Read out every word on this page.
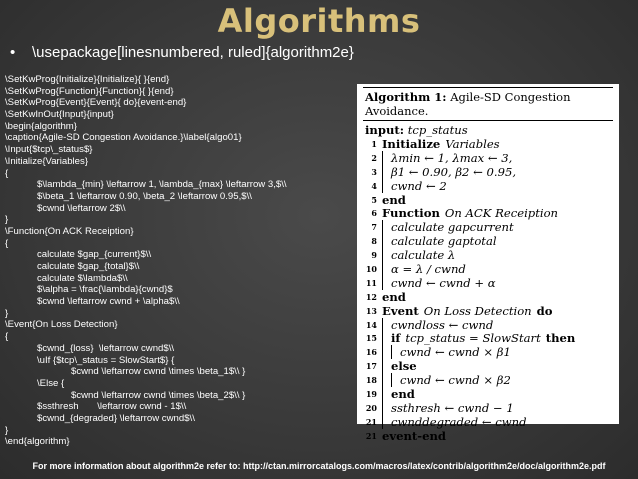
Algorithms
• \usepackage[linesnumbered, ruled]{algorithm2e}
\SetKwProg{Initialize}{Initialize}{ }{end}
\SetKwProg{Function}{Function}{ }{end}
\SetKwProg{Event}{Event}{ do}{event-end}
\SetKwInOut{Input}{input}
\begin{algorithm}
\caption{Agile-SD Congestion Avoidance.}\label{algo01}
\Input{$tcp\_status$}
\Initialize{Variables}
{
$\lambda_{min} \leftarrow 1, \lambda_{max} \leftarrow 3,$\\
$\beta_1 \leftarrow 0.90, \beta_2 \leftarrow 0.95,$\\
$cwnd \leftarrow 2$\\
}
\Function{On ACK Receiption}
{
calculate $gap_{current}$\\
calculate $gap_{total}$\\
calculate $\lambda$\\
$\alpha = \frac{\lambda}{cwnd}$
$cwnd \leftarrow cwnd + \alpha$\\
}
\Event{On Loss Detection}
{
$cwnd_{loss}  \leftarrow cwnd$\\
\uIf {$tcp\_status = SlowStart$} {
$cwnd \leftarrow cwnd \times \beta_1$\\ }
\Else {
$cwnd \leftarrow cwnd \times \beta_2$\\ }
$ssthresh       \leftarrow cwnd - 1$\\
$cwnd_{degraded} \leftarrow cwnd$\\
}
\end{algorithm}
Algorithm 1: Agile-SD Congestion Avoidance.
input: tcp_status
1 Initialize Variables
2 λmin ← 1, λmax ← 3,
3 β1 ← 0.90, β2 ← 0.95,
4 cwnd ← 2
5 end
6 Function On ACK Receiption
7 calculate gapcurrent
8 calculate gaptotal
9 calculate λ
10 α = λ / cwnd
11 cwnd ← cwnd + α
12 end
13 Event On Loss Detection do
14 cwndloss ← cwnd
15 if tcp_status = SlowStart then
16 cwnd ← cwnd × β1
17 else
18 cwnd ← cwnd × β2
19 end
20 ssthresh ← cwnd − 1
21 cwnddegraded ← cwnd
21 event-end
For more information about algorithm2e refer to: http://ctan.mirrorcatalogs.com/macros/latex/contrib/algorithm2e/doc/algorithm2e.pdf
